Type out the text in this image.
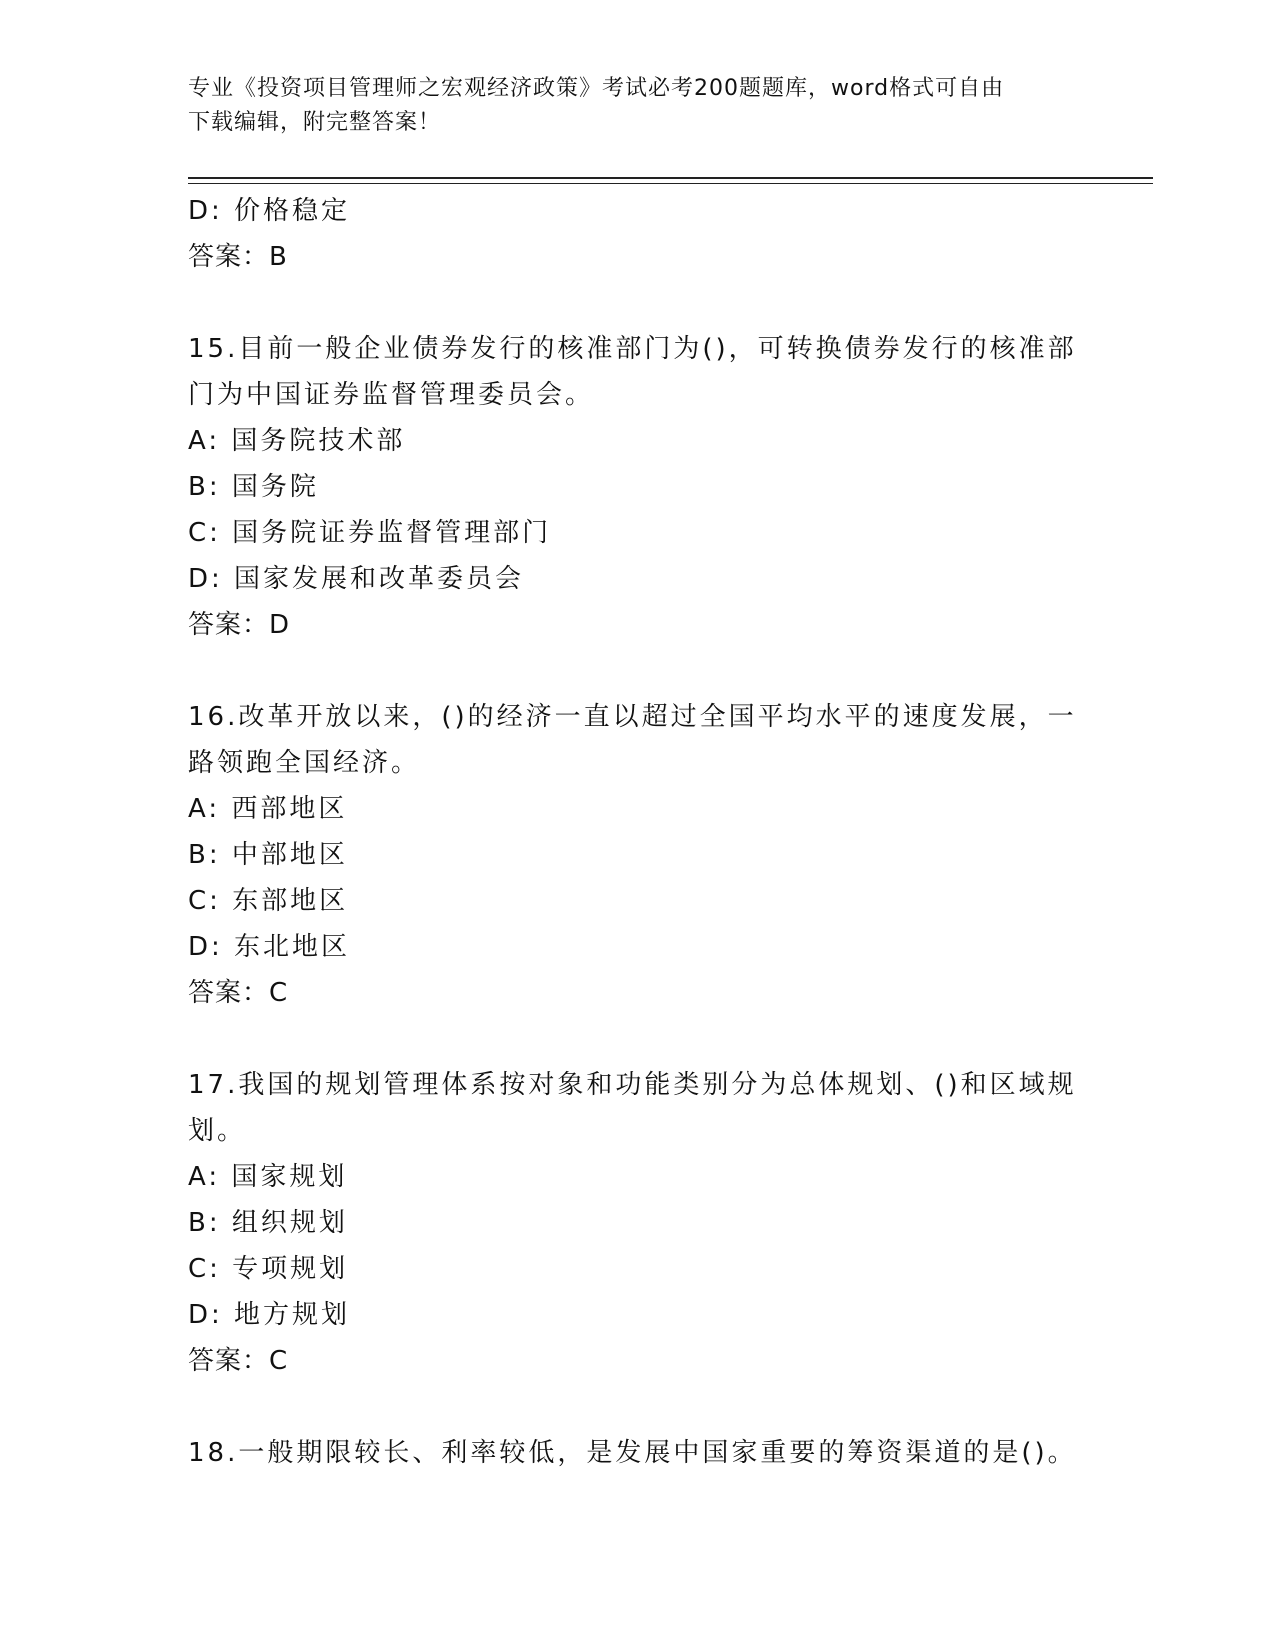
专业《投资项目管理师之宏观经济政策》考试必考200题题库，word格式可自由
下载编辑，附完整答案！
D: 价格稳定
答案：B
15.目前一般企业债券发行的核准部门为()，可转换债券发行的核准部
门为中国证券监督管理委员会。
A: 国务院技术部
B: 国务院
C: 国务院证券监督管理部门
D: 国家发展和改革委员会
答案：D
16.改革开放以来，()的经济一直以超过全国平均水平的速度发展，一
路领跑全国经济。
A: 西部地区
B: 中部地区
C: 东部地区
D: 东北地区
答案：C
17.我国的规划管理体系按对象和功能类别分为总体规划、()和区域规
划。
A: 国家规划
B: 组织规划
C: 专项规划
D: 地方规划
答案：C
18.一般期限较长、利率较低，是发展中国家重要的筹资渠道的是()。
